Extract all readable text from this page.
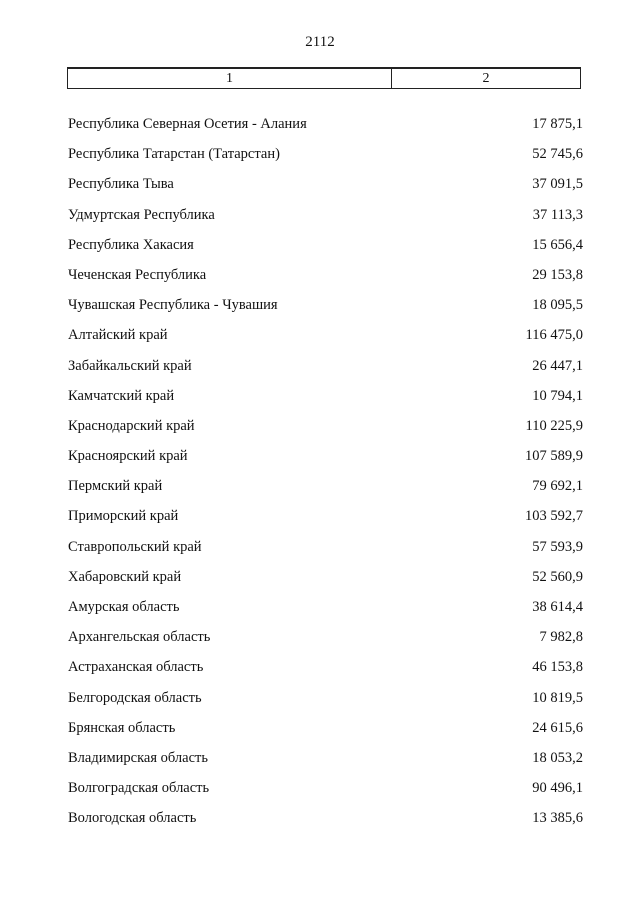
2112
1	2
Республика Северная Осетия - Алания	17 875,1
Республика Татарстан (Татарстан)	52 745,6
Республика Тыва	37 091,5
Удмуртская Республика	37 113,3
Республика Хакасия	15 656,4
Чеченская Республика	29 153,8
Чувашская Республика - Чувашия	18 095,5
Алтайский край	116 475,0
Забайкальский край	26 447,1
Камчатский край	10 794,1
Краснодарский край	110 225,9
Красноярский край	107 589,9
Пермский край	79 692,1
Приморский край	103 592,7
Ставропольский край	57 593,9
Хабаровский край	52 560,9
Амурская область	38 614,4
Архангельская область	7 982,8
Астраханская область	46 153,8
Белгородская область	10 819,5
Брянская область	24 615,6
Владимирская область	18 053,2
Волгоградская область	90 496,1
Вологодская область	13 385,6
